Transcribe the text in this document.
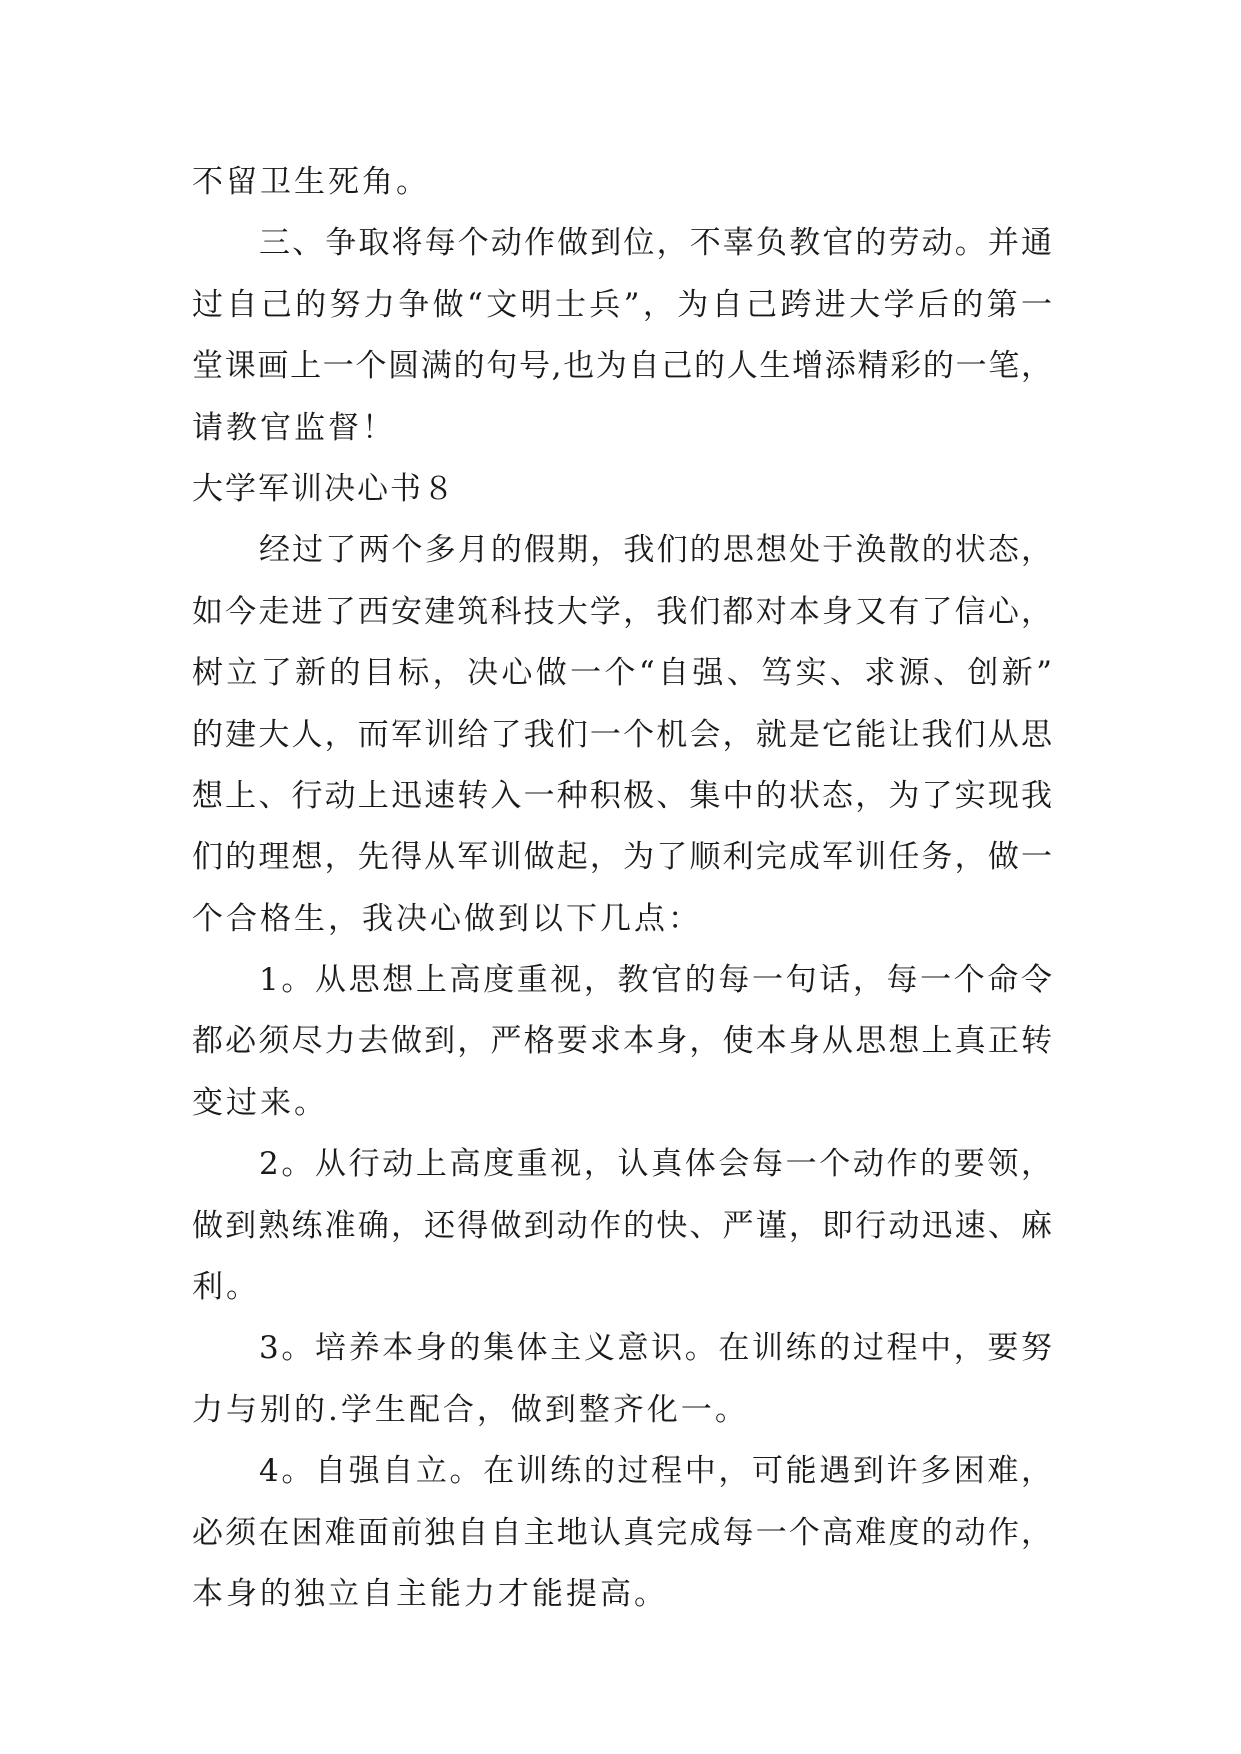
不留卫生死角。
三、争取将每个动作做到位，不辜负教官的劳动。并通
过自己的努力争做“文明士兵”，为自己跨进大学后的第一
堂课画上一个圆满的句号,也为自己的人生增添精彩的一笔，
请教官监督！
大学军训决心书８
经过了两个多月的假期，我们的思想处于涣散的状态，
如今走进了西安建筑科技大学，我们都对本身又有了信心，
树立了新的目标，决心做一个“自强、笃实、求源、创新”
的建大人，而军训给了我们一个机会，就是它能让我们从思
想上、行动上迅速转入一种积极、集中的状态，为了实现我
们的理想，先得从军训做起，为了顺利完成军训任务，做一
个合格生，我决心做到以下几点：
1。从思想上高度重视，教官的每一句话，每一个命令
都必须尽力去做到，严格要求本身，使本身从思想上真正转
变过来。
2。从行动上高度重视，认真体会每一个动作的要领，
做到熟练准确，还得做到动作的快、严谨，即行动迅速、麻
利。
3。培养本身的集体主义意识。在训练的过程中，要努
力与别的.学生配合，做到整齐化一。
4。自强自立。在训练的过程中，可能遇到许多困难，
必须在困难面前独自自主地认真完成每一个高难度的动作，
本身的独立自主能力才能提高。
